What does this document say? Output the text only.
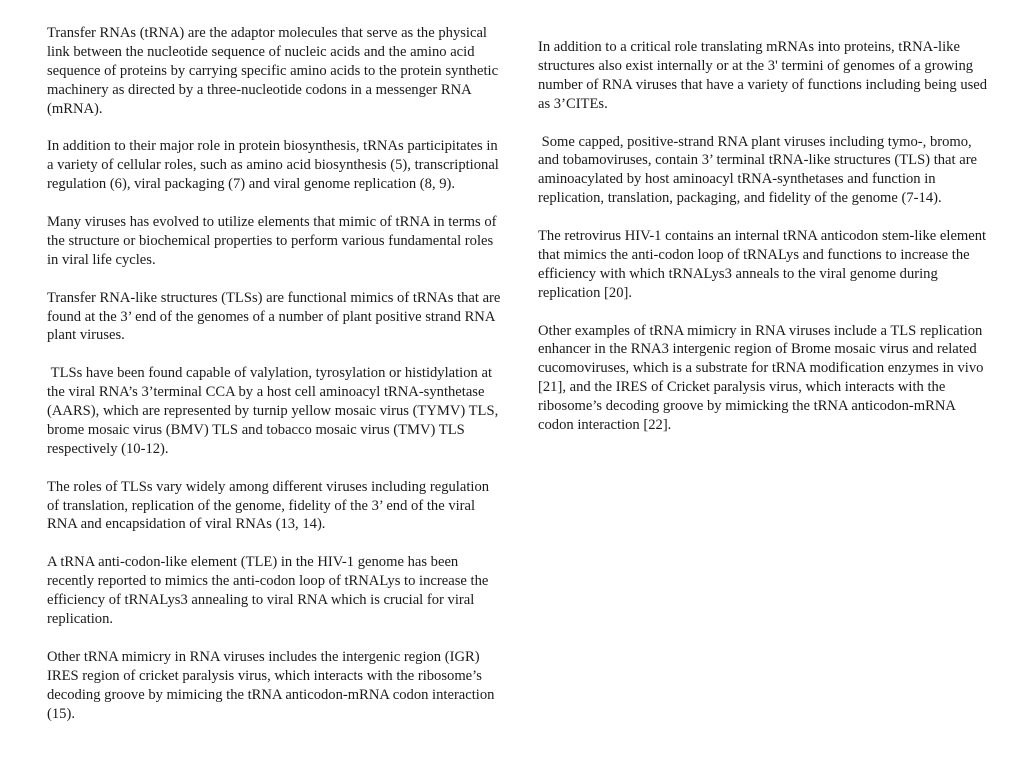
Transfer RNAs (tRNA) are the adaptor molecules that serve as the physical link between the nucleotide sequence of nucleic acids and the amino acid sequence of proteins by carrying specific amino acids to the protein synthetic machinery as directed by a three-nucleotide codons in a messenger RNA (mRNA).

In addition to their major role in protein biosynthesis, tRNAs participitates in a variety of cellular roles, such as amino acid biosynthesis (5), transcriptional regulation (6), viral packaging (7) and viral genome replication (8, 9).

Many viruses has evolved to utilize elements that mimic of tRNA in terms of the structure or biochemical properties to perform various fundamental roles in viral life cycles.

Transfer RNA-like structures (TLSs) are functional mimics of tRNAs that are found at the 3’ end of the genomes of a number of plant positive strand RNA plant viruses.

TLSs have been found capable of valylation, tyrosylation or histidylation at the viral RNA’s 3’terminal CCA by a host cell aminoacyl tRNA-synthetase (AARS), which are represented by turnip yellow mosaic virus (TYMV) TLS, brome mosaic virus (BMV) TLS and tobacco mosaic virus (TMV) TLS respectively (10-12).

The roles of TLSs vary widely among different viruses including regulation of translation, replication of the genome, fidelity of the 3’ end of the viral RNA and encapsidation of viral RNAs (13, 14).

A tRNA anti-codon-like element (TLE) in the HIV-1 genome has been recently reported to mimics the anti-codon loop of tRNALys to increase the efficiency of tRNALys3 annealing to viral RNA which is crucial for viral replication.

Other tRNA mimicry in RNA viruses includes the intergenic region (IGR) IRES region of cricket paralysis virus, which interacts with the ribosome’s decoding groove by mimicing the tRNA anticodon-mRNA codon interaction (15).

In addition to a critical role translating mRNAs into proteins, tRNA-like structures also exist internally or at the 3' termini of genomes of a growing number of RNA viruses that have a variety of functions including being used as 3’CITEs.

Some capped, positive-strand RNA plant viruses including tymo-, bromo, and tobamoviruses, contain 3’ terminal tRNA-like structures (TLS) that are aminoacylated by host aminoacyl tRNA-synthetases and function in replication, translation, packaging, and fidelity of the genome (7-14).

The retrovirus HIV-1 contains an internal tRNA anticodon stem-like element that mimics the anti-codon loop of tRNALys and functions to increase the efficiency with which tRNALys3 anneals to the viral genome during replication [20].

Other examples of tRNA mimicry in RNA viruses include a TLS replication enhancer in the RNA3 intergenic region of Brome mosaic virus and related cucomoviruses, which is a substrate for tRNA modification enzymes in vivo [21], and the IRES of Cricket paralysis virus, which interacts with the ribosome’s decoding groove by mimicking the tRNA anticodon-mRNA codon interaction [22].
